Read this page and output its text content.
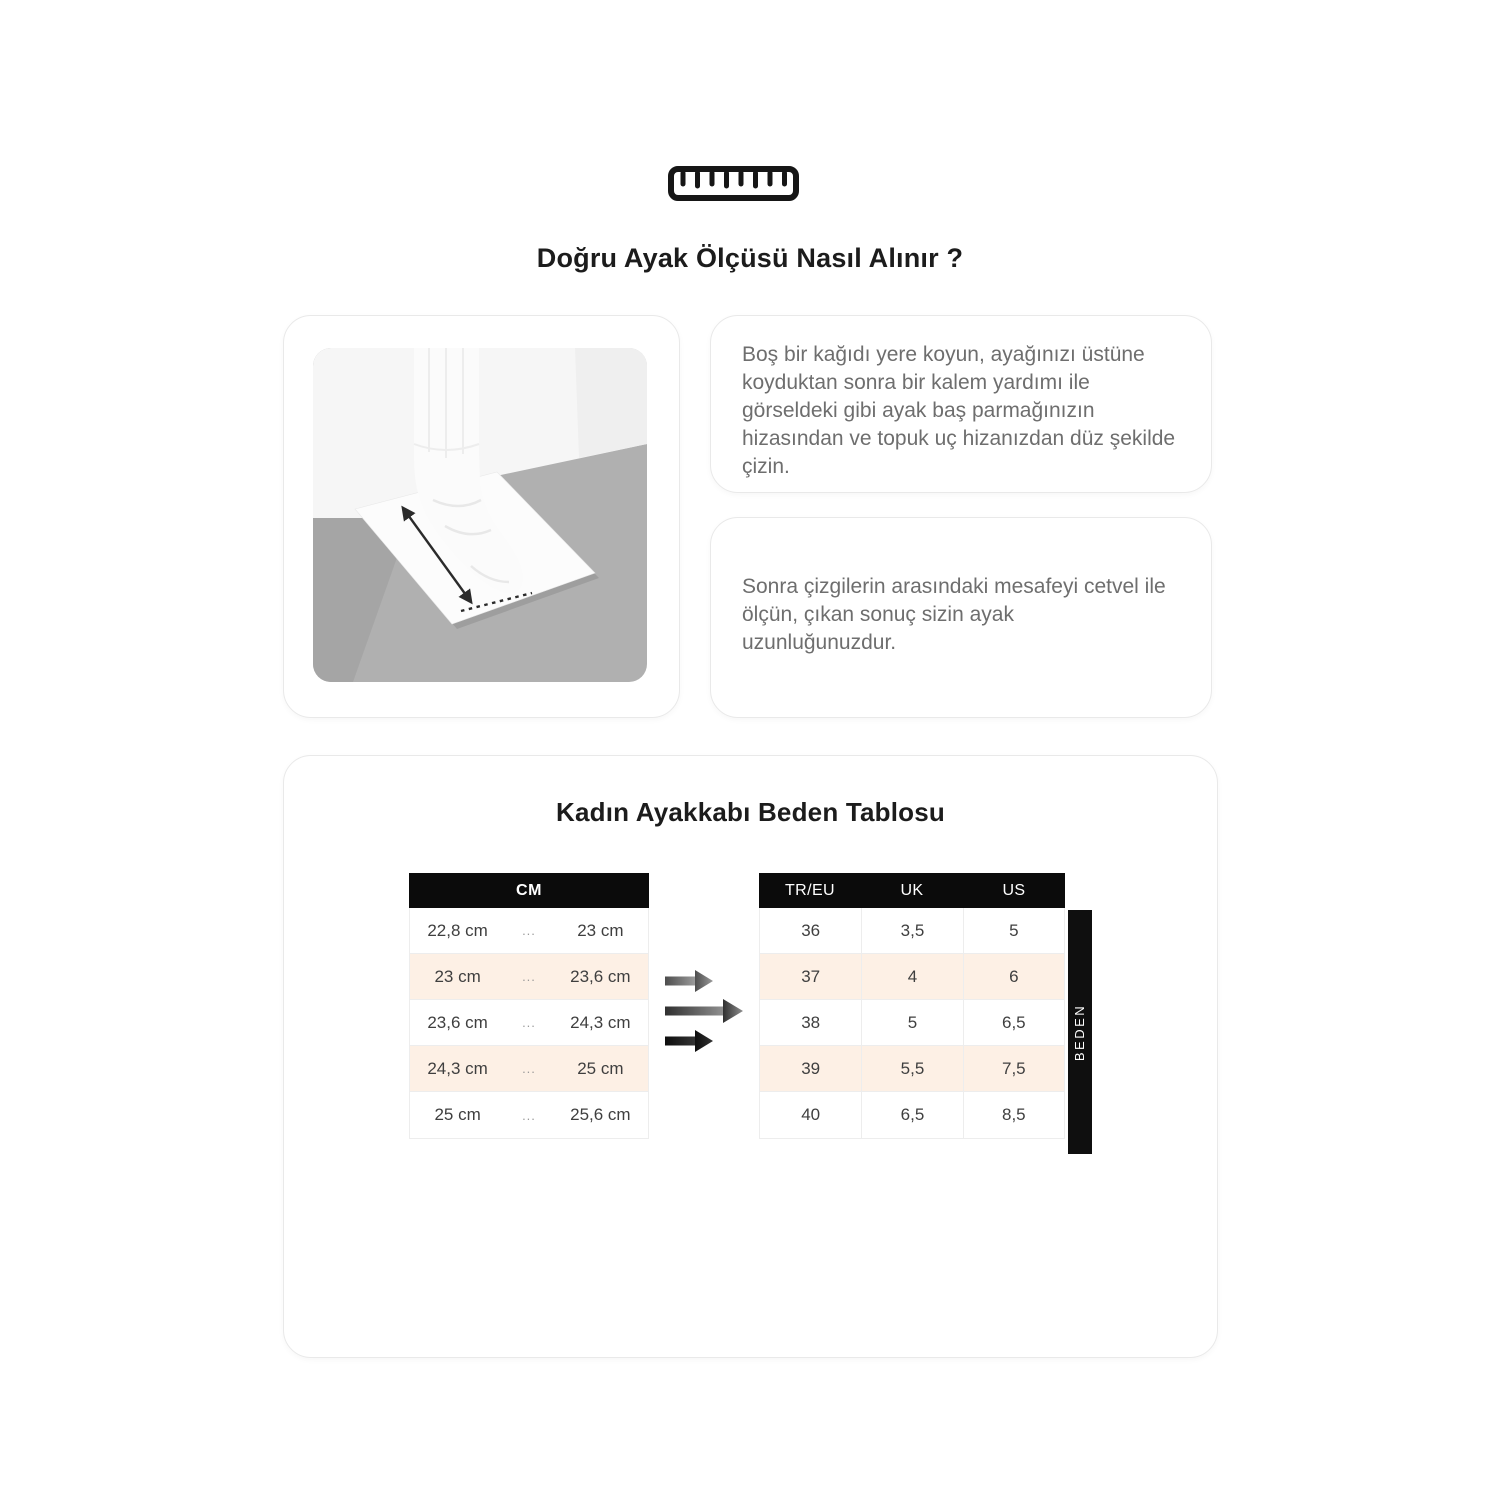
Doğru Ayak Ölçüsü Nasıl Alınır ?

Boş bir kağıdı yere koyun, ayağınızı üstüne koyduktan sonra bir kalem yardımı ile görseldeki gibi ayak baş parmağınızın hizasından ve topuk uç hizanızdan düz şekilde çizin.

Sonra çizgilerin arasındaki mesafeyi cetvel ile ölçün, çıkan sonuç sizin ayak uzunluğunuzdur.

Kadın Ayakkabı Beden Tablosu
CM
22,8 cm	...	23 cm
23 cm	...	23,6 cm
23,6 cm	...	24,3 cm
24,3 cm	...	25 cm
25 cm	...	25,6 cm
TR/EU	UK	US
36	3,5	5
37	4	6
38	5	6,5
39	5,5	7,5
40	6,5	8,5
BEDEN
